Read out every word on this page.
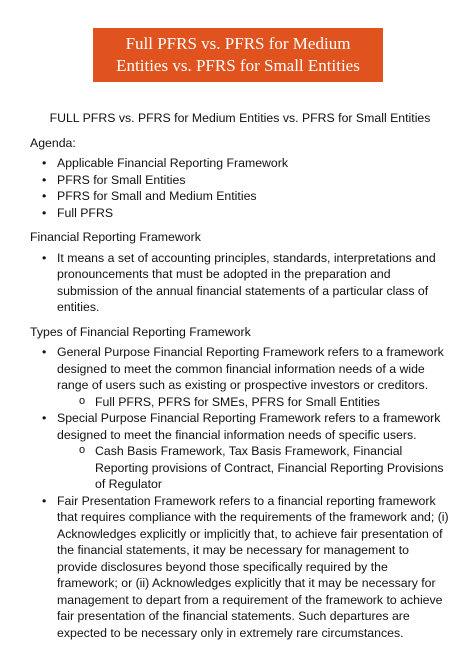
Full PFRS vs. PFRS for Medium
Entities vs. PFRS for Small Entities
FULL PFRS vs. PFRS for Medium Entities vs. PFRS for Small Entities
Agenda:
• Applicable Financial Reporting Framework
• PFRS for Small Entities
• PFRS for Small and Medium Entities
• Full PFRS
Financial Reporting Framework
• It means a set of accounting principles, standards, interpretations and pronouncements that must be adopted in the preparation and submission of the annual financial statements of a particular class of entities.
Types of Financial Reporting Framework
• General Purpose Financial Reporting Framework refers to a framework designed to meet the common financial information needs of a wide range of users such as existing or prospective investors or creditors.
o Full PFRS, PFRS for SMEs, PFRS for Small Entities
• Special Purpose Financial Reporting Framework refers to a framework designed to meet the financial information needs of specific users.
o Cash Basis Framework, Tax Basis Framework, Financial Reporting provisions of Contract, Financial Reporting Provisions of Regulator
• Fair Presentation Framework refers to a financial reporting framework that requires compliance with the requirements of the framework and; (i) Acknowledges explicitly or implicitly that, to achieve fair presentation of the financial statements, it may be necessary for management to provide disclosures beyond those specifically required by the framework; or (ii) Acknowledges explicitly that it may be necessary for management to depart from a requirement of the framework to achieve fair presentation of the financial statements. Such departures are expected to be necessary only in extremely rare circumstances.
